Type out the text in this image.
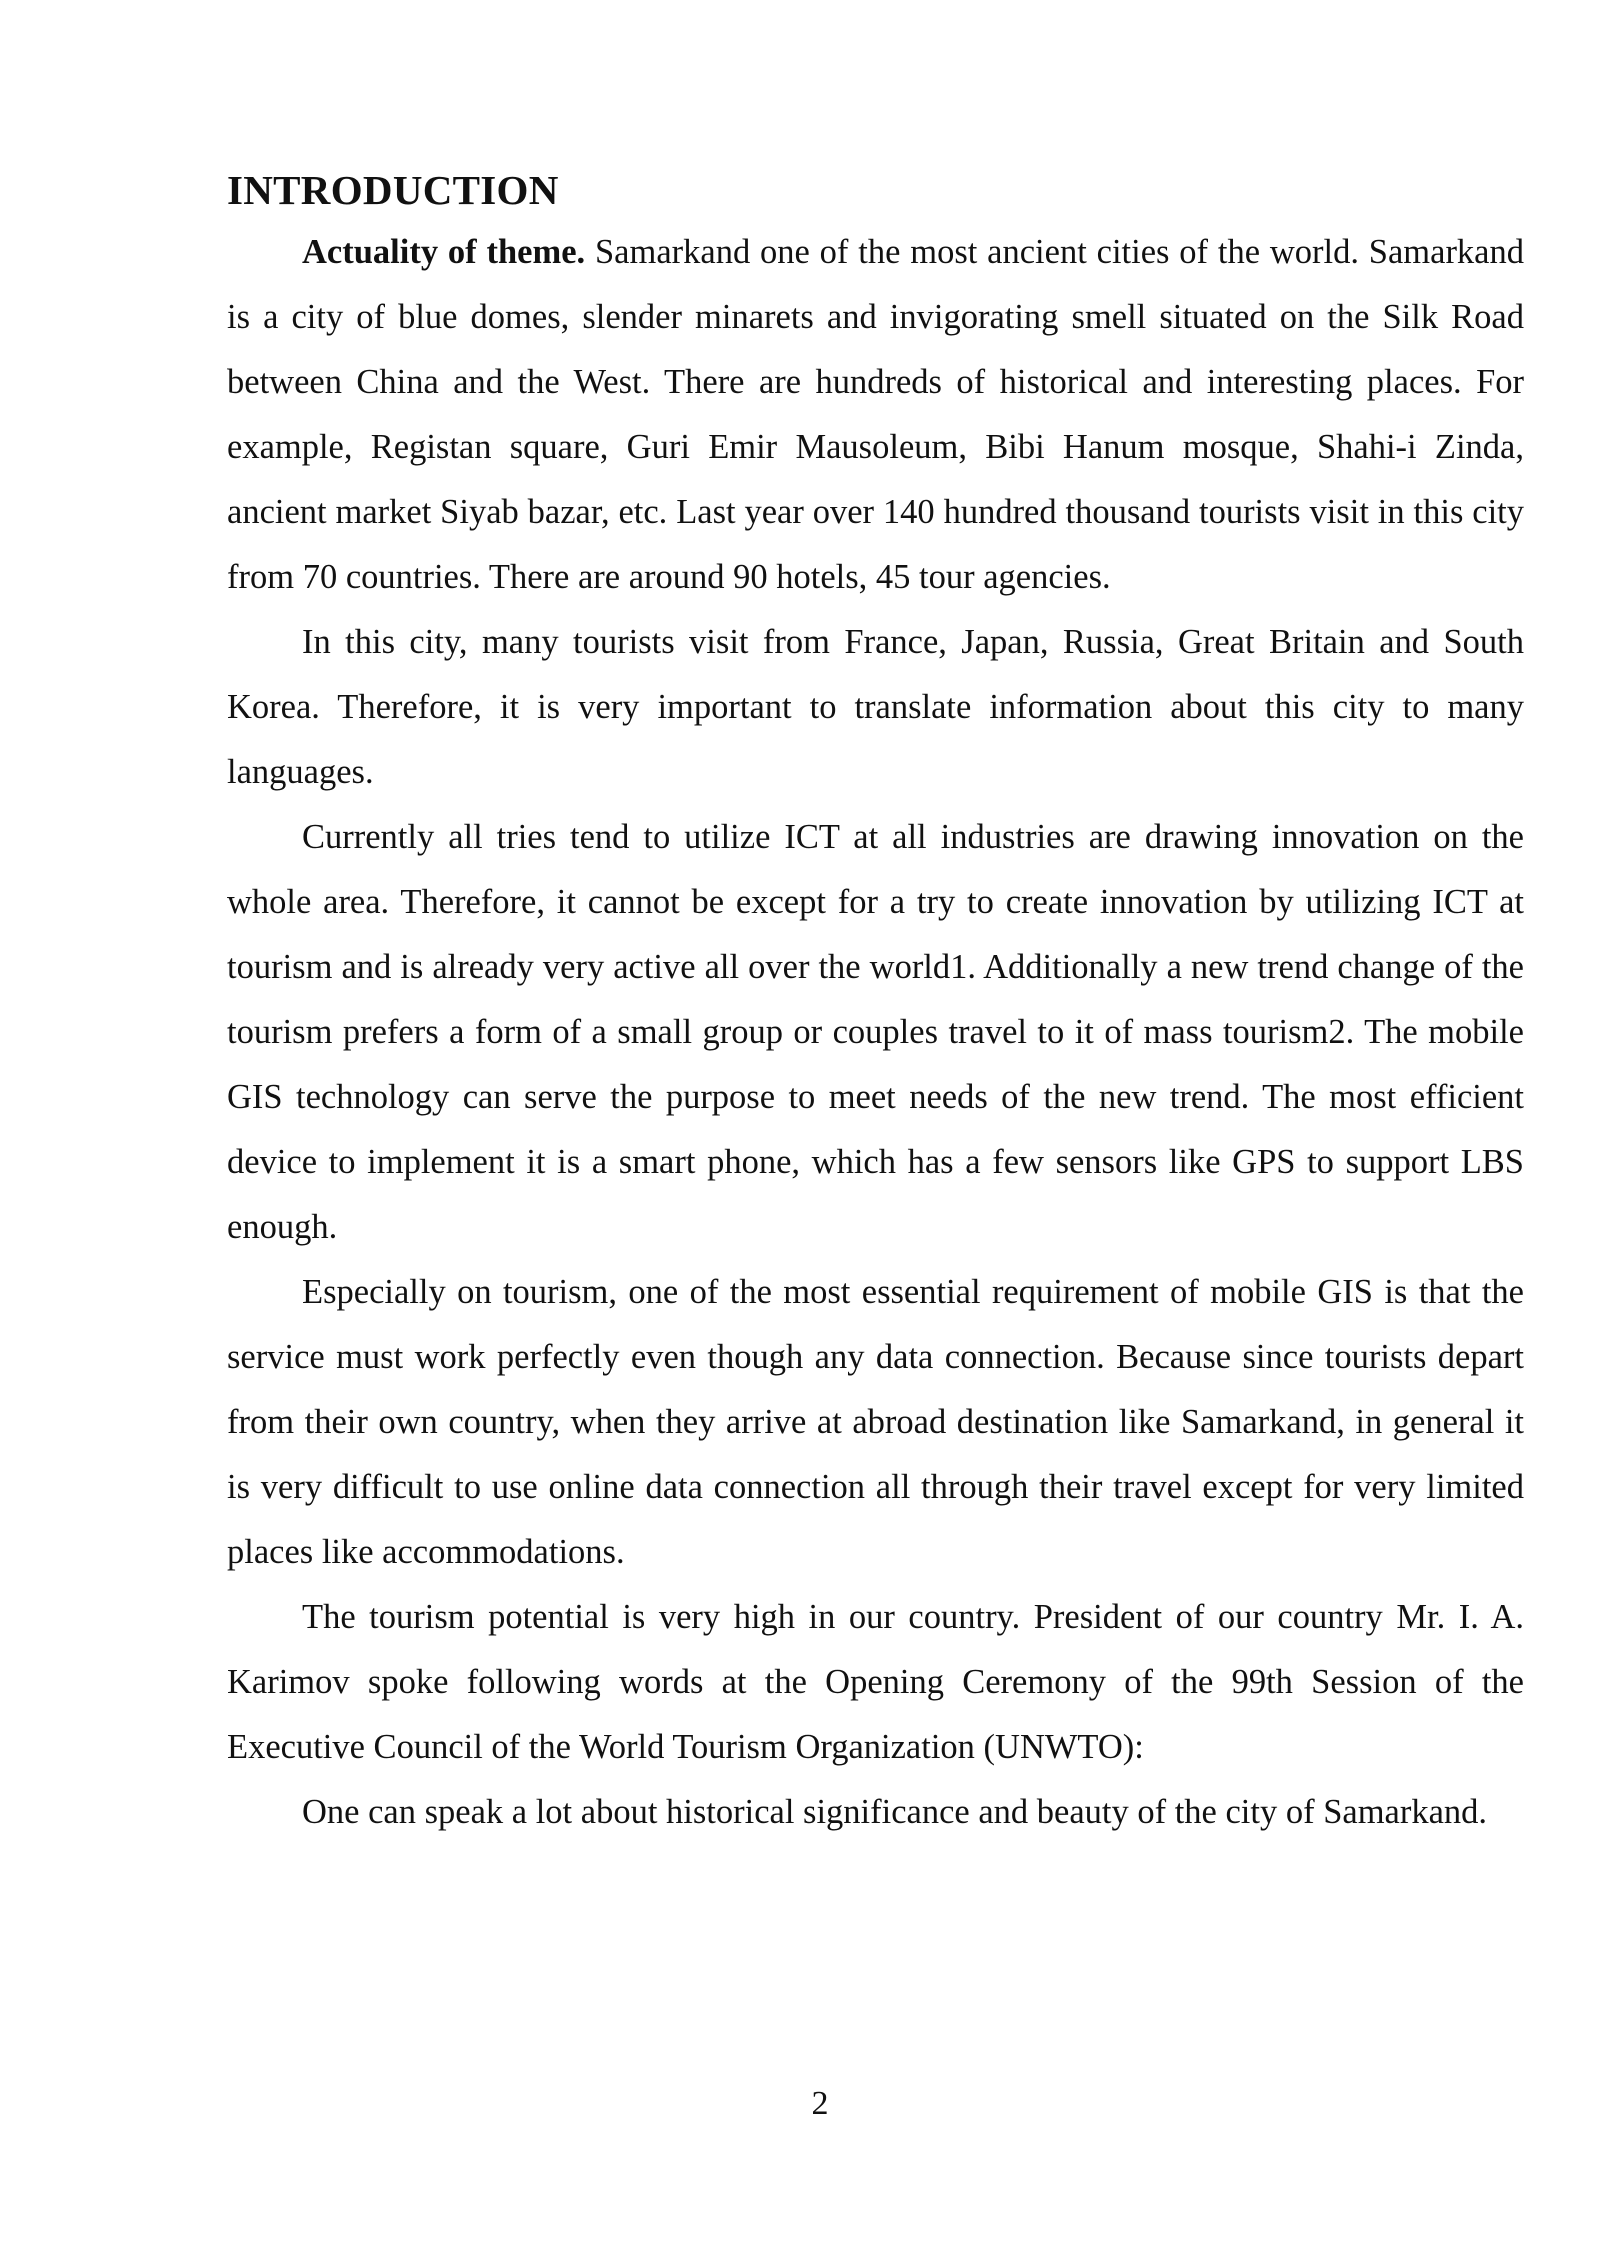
INTRODUCTION

Actuality of theme. Samarkand one of the most ancient cities of the world. Samarkand is a city of blue domes, slender minarets and invigorating smell situated on the Silk Road between China and the West. There are hundreds of historical and interesting places. For example, Registan square, Guri Emir Mausoleum, Bibi Hanum mosque, Shahi-i Zinda, ancient market Siyab bazar, etc. Last year over 140 hundred thousand tourists visit in this city from 70 countries. There are around 90 hotels, 45 tour agencies.

In this city, many tourists visit from France, Japan, Russia, Great Britain and South Korea. Therefore, it is very important to translate information about this city to many languages.

Currently all tries tend to utilize ICT at all industries are drawing innovation on the whole area. Therefore, it cannot be except for a try to create innovation by utilizing ICT at tourism and is already very active all over the world1. Additionally a new trend change of the tourism prefers a form of a small group or couples travel to it of mass tourism2. The mobile GIS technology can serve the purpose to meet needs of the new trend. The most efficient device to implement it is a smart phone, which has a few sensors like GPS to support LBS enough.

Especially on tourism, one of the most essential requirement of mobile GIS is that the service must work perfectly even though any data connection. Because since tourists depart from their own country, when they arrive at abroad destination like Samarkand, in general it is very difficult to use online data connection all through their travel except for very limited places like accommodations.

The tourism potential is very high in our country. President of our country Mr. I. A. Karimov spoke following words at the Opening Ceremony of the 99th Session of the Executive Council of the World Tourism Organization (UNWTO):

One can speak a lot about historical significance and beauty of the city of Samarkand.

2
